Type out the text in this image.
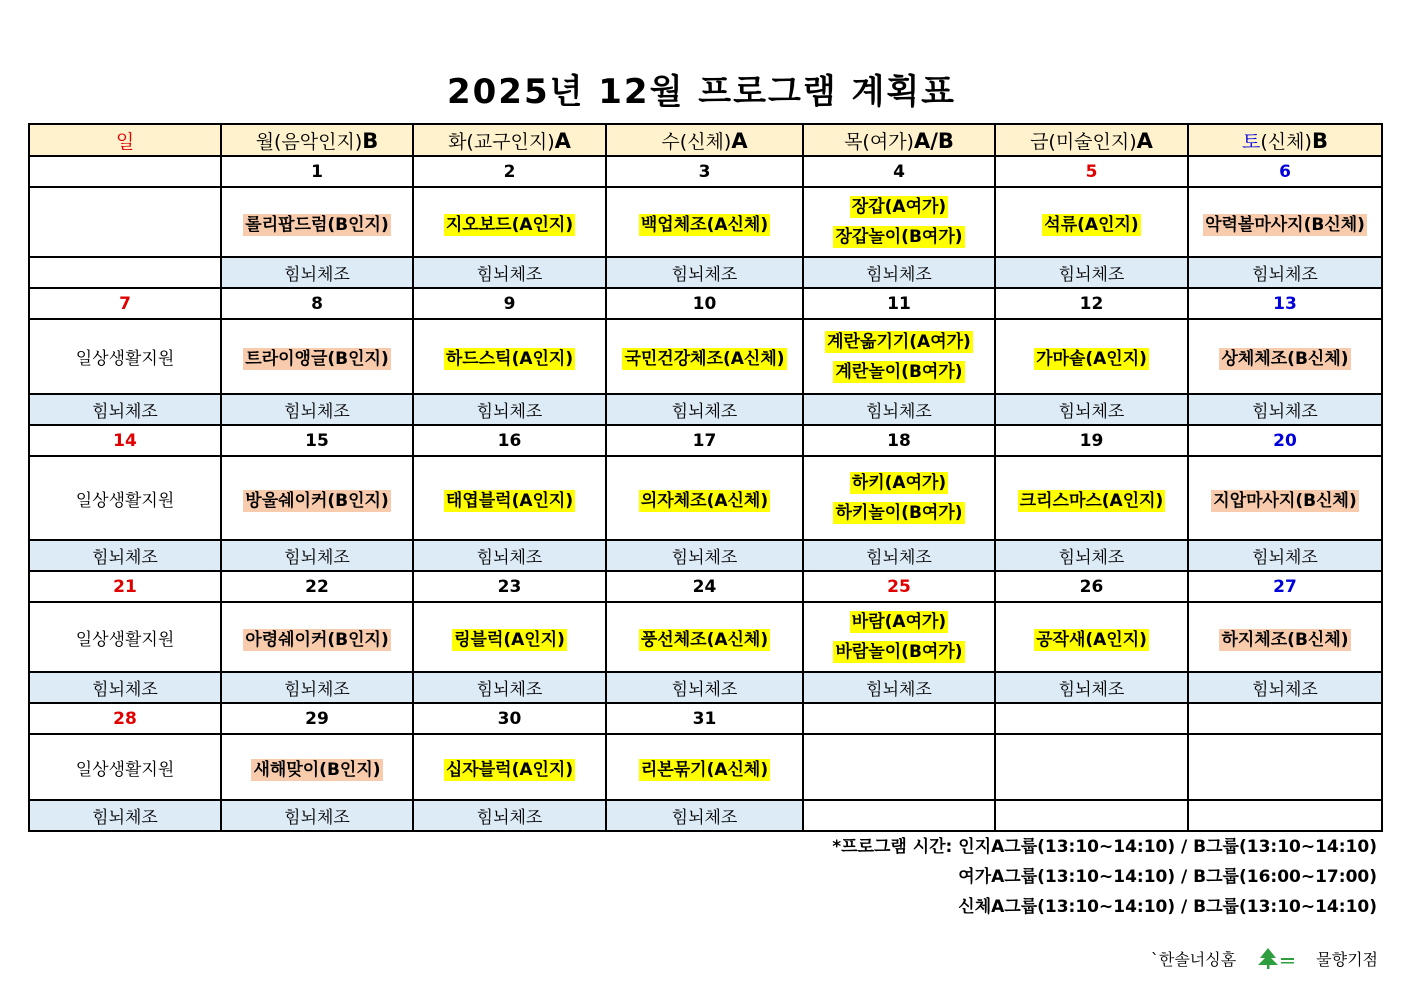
2025년 12월 프로그램 계획표
일	월(음악인지)B	화(교구인지)A	수(신체)A	목(여가)A/B	금(미술인지)A	토(신체)B
	1	2	3	4	5	6
	롤리팝드럼(B인지)	지오보드(A인지)	백업체조(A신체)	장갑(A여가)
장갑놀이(B여가)	석류(A인지)	악력볼마사지(B신체)
	힘뇌체조	힘뇌체조	힘뇌체조	힘뇌체조	힘뇌체조	힘뇌체조
7	8	9	10	11	12	13
일상생활지원	트라이앵글(B인지)	하드스틱(A인지)	국민건강체조(A신체)	계란옮기기(A여가)
계란놀이(B여가)	가마솥(A인지)	상체체조(B신체)
힘뇌체조	힘뇌체조	힘뇌체조	힘뇌체조	힘뇌체조	힘뇌체조	힘뇌체조
14	15	16	17	18	19	20
일상생활지원	방울쉐이커(B인지)	태엽블럭(A인지)	의자체조(A신체)	하키(A여가)
하키놀이(B여가)	크리스마스(A인지)	지압마사지(B신체)
힘뇌체조	힘뇌체조	힘뇌체조	힘뇌체조	힘뇌체조	힘뇌체조	힘뇌체조
21	22	23	24	25	26	27
일상생활지원	아령쉐이커(B인지)	링블럭(A인지)	풍선체조(A신체)	바람(A여가)
바람놀이(B여가)	공작새(A인지)	하지체조(B신체)
힘뇌체조	힘뇌체조	힘뇌체조	힘뇌체조	힘뇌체조	힘뇌체조	힘뇌체조
28	29	30	31			
일상생활지원	새해맞이(B인지)	십자블럭(A인지)	리본묶기(A신체)			
힘뇌체조	힘뇌체조	힘뇌체조	힘뇌체조			
*프로그램 시간: 인지A그룹(13:10~14:10) / B그룹(13:10~14:10)
여가A그룹(13:10~14:10) / B그룹(16:00~17:00)
신체A그룹(13:10~14:10) / B그룹(13:10~14:10)
`한솔너싱홈	물향기점
